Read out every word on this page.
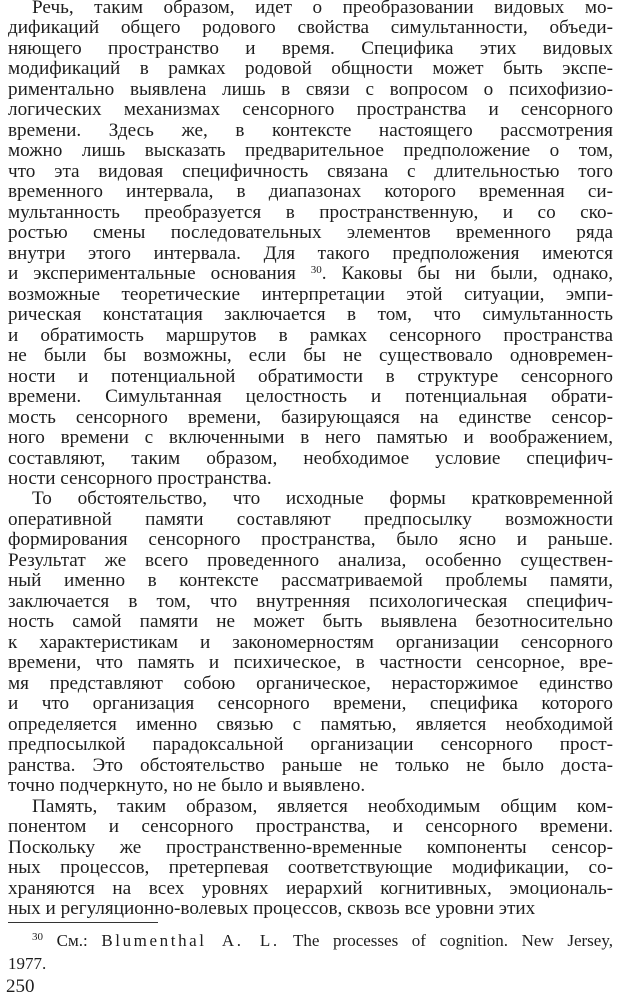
Речь, таким образом, идет о преобразовании видовых мо-
дификаций общего родового свойства симультанности, объеди-
няющего пространство и время. Специфика этих видовых
модификаций в рамках родовой общности может быть экспе-
риментально выявлена лишь в связи с вопросом о психофизио-
логических механизмах сенсорного пространства и сенсорного
времени. Здесь же, в контексте настоящего рассмотрения
можно лишь высказать предварительное предположение о том,
что эта видовая специфичность связана с длительностью того
временного интервала, в диапазонах которого временная си-
мультанность преобразуется в пространственную, и со ско-
ростью смены последовательных элементов временного ряда
внутри этого интервала. Для такого предположения имеются
и экспериментальные основания $^{30}$. Каковы бы ни были, однако,
возможные теоретические интерпретации этой ситуации, эмпи-
рическая констатация заключается в том, что симультанность
и обратимость маршрутов в рамках сенсорного пространства
не были бы возможны, если бы не существовало одновремен-
ности и потенциальной обратимости в структуре сенсорного
времени. Симультанная целостность и потенциальная обрати-
мость сенсорного времени, базирующаяся на единстве сенсор-
ного времени с включенными в него памятью и воображением,
составляют, таким образом, необходимое условие специфич-
ности сенсорного пространства.
То обстоятельство, что исходные формы кратковременной
оперативной памяти составляют предпосылку возможности
формирования сенсорного пространства, было ясно и раньше.
Результат же всего проведенного анализа, особенно существен-
ный именно в контексте рассматриваемой проблемы памяти,
заключается в том, что внутренняя психологическая специфич-
ность самой памяти не может быть выявлена безотносительно
к характеристикам и закономерностям организации сенсорного
времени, что память и психическое, в частности сенсорное, вре-
мя представляют собою органическое, нерасторжимое единство
и что организация сенсорного времени, специфика которого
определяется именно связью с памятью, является необходимой
предпосылкой парадоксальной организации сенсорного прост-
ранства. Это обстоятельство раньше не только не было доста-
точно подчеркнуто, но не было и выявлено.
$^{30}$ См.: Blumenthal A. L. The processes of cognition. New Jersey,
1977.
250
Память, таким образом, является необходимым общим ком-
понентом и сенсорного пространства, и сенсорного времени.
Поскольку же пространственно-временные компоненты сенсор-
ных процессов, претерпевая соответствующие модификации, со-
храняются на всех уровнях иерархий когнитивных, эмоциональ-
ных и регуляционно-волевых процессов, сквозь все уровни этих
